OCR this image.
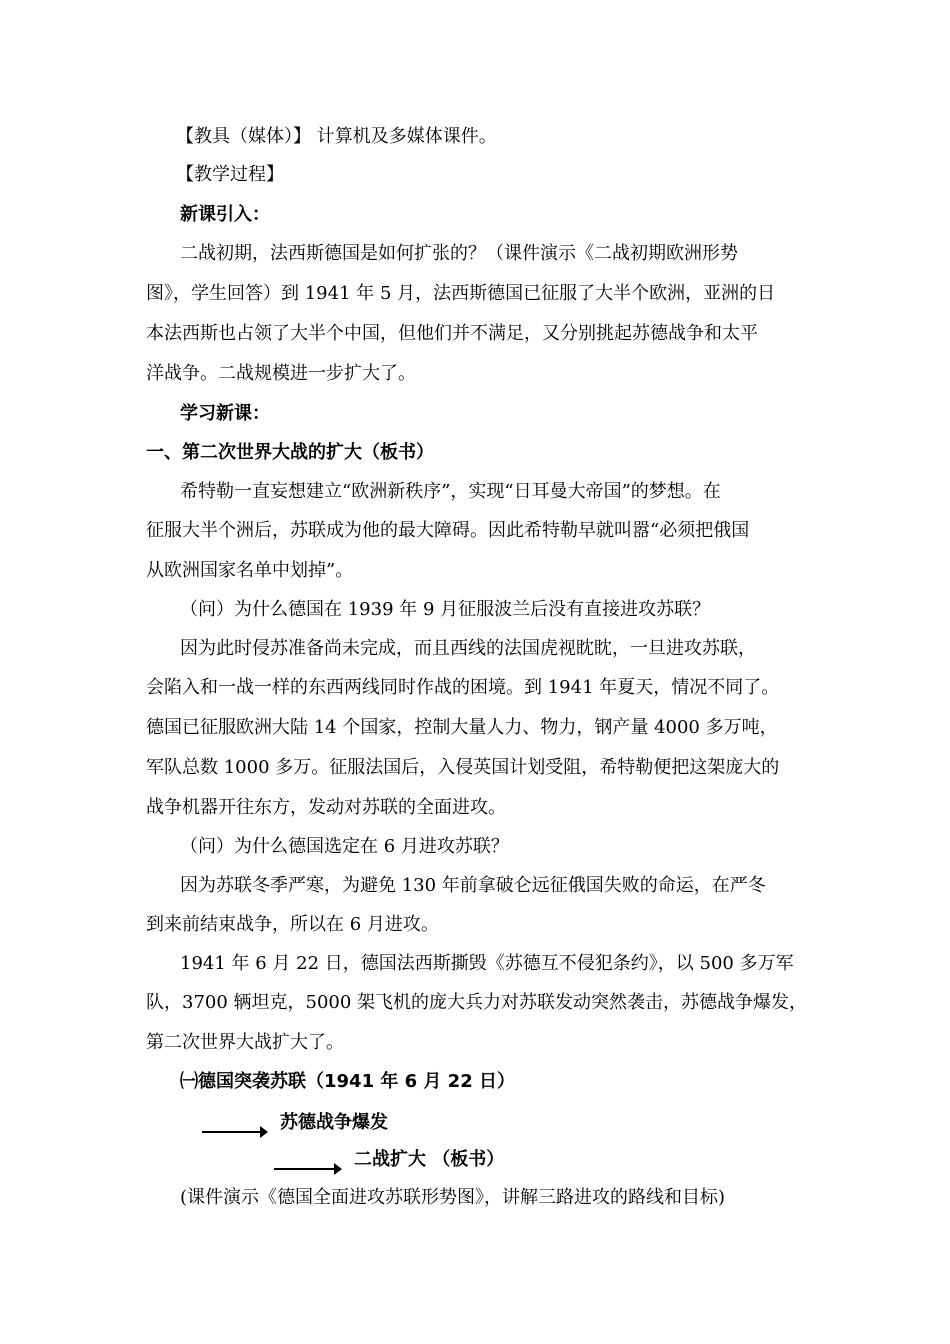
【教具（媒体）】 计算机及多媒体课件。
【教学过程】
新课引入：
二战初期，法西斯德国是如何扩张的？（课件演示《二战初期欧洲形势
图》，学生回答）到 1941 年 5 月，法西斯德国已征服了大半个欧洲，亚洲的日
本法西斯也占领了大半个中国，但他们并不满足，又分别挑起苏德战争和太平
洋战争。二战规模进一步扩大了。
学习新课：
一、第二次世界大战的扩大（板书）
希特勒一直妄想建立“欧洲新秩序”，实现“日耳曼大帝国”的梦想。在
征服大半个洲后，苏联成为他的最大障碍。因此希特勒早就叫嚣“必须把俄国
从欧洲国家名单中划掉”。
（问）为什么德国在 1939 年 9 月征服波兰后没有直接进攻苏联？
因为此时侵苏准备尚未完成，而且西线的法国虎视眈眈，一旦进攻苏联，
会陷入和一战一样的东西两线同时作战的困境。到 1941 年夏天，情况不同了。
德国已征服欧洲大陆 14 个国家，控制大量人力、物力，钢产量 4000 多万吨，
军队总数 1000 多万。征服法国后，入侵英国计划受阻，希特勒便把这架庞大的
战争机器开往东方，发动对苏联的全面进攻。
（问）为什么德国选定在 6 月进攻苏联？
因为苏联冬季严寒，为避免 130 年前拿破仑远征俄国失败的命运，在严冬
到来前结束战争，所以在 6 月进攻。
1941 年 6 月 22 日，德国法西斯撕毁《苏德互不侵犯条约》，以 500 多万军
队，3700 辆坦克，5000 架飞机的庞大兵力对苏联发动突然袭击，苏德战争爆发，
第二次世界大战扩大了。
㈠德国突袭苏联（1941 年 6 月 22 日）
苏德战争爆发
二战扩大 （板书）
(课件演示《德国全面进攻苏联形势图》，讲解三路进攻的路线和目标)
